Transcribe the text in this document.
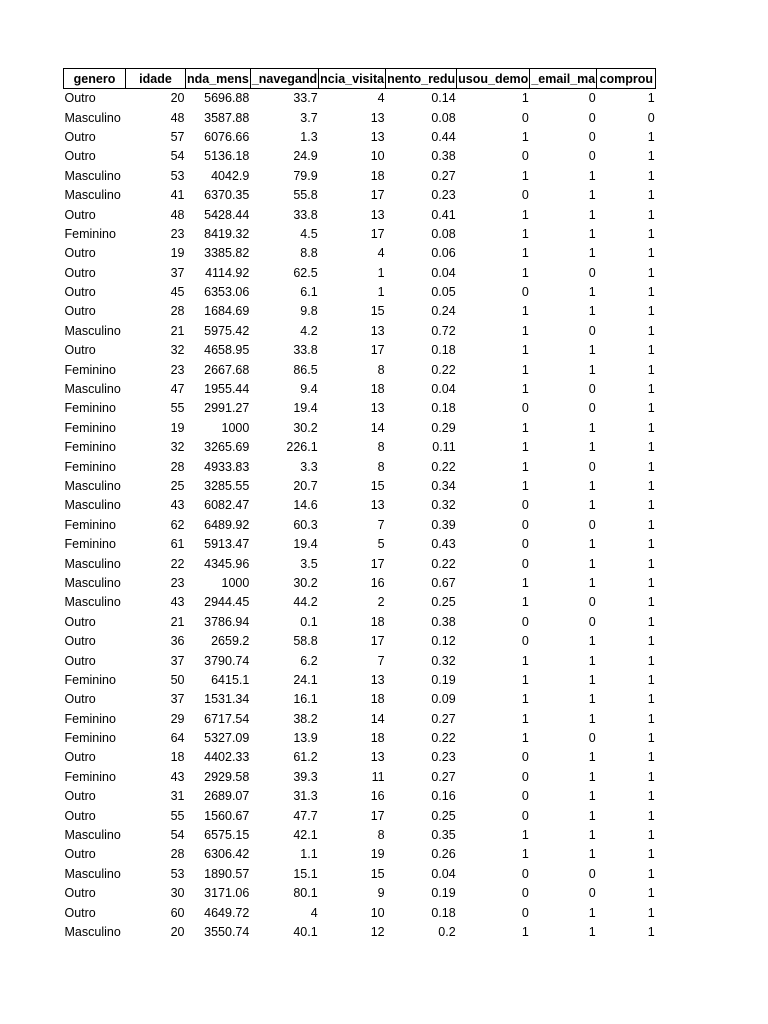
genero	idade	nda_mens	_navegand	ncia_visita	nento_redu	usou_demo	_email_ma	comprou
Outro	20	5696.88	33.7	4	0.14	1	0	1
Masculino	48	3587.88	3.7	13	0.08	0	0	0
Outro	57	6076.66	1.3	13	0.44	1	0	1
Outro	54	5136.18	24.9	10	0.38	0	0	1
Masculino	53	4042.9	79.9	18	0.27	1	1	1
Masculino	41	6370.35	55.8	17	0.23	0	1	1
Outro	48	5428.44	33.8	13	0.41	1	1	1
Feminino	23	8419.32	4.5	17	0.08	1	1	1
Outro	19	3385.82	8.8	4	0.06	1	1	1
Outro	37	4114.92	62.5	1	0.04	1	0	1
Outro	45	6353.06	6.1	1	0.05	0	1	1
Outro	28	1684.69	9.8	15	0.24	1	1	1
Masculino	21	5975.42	4.2	13	0.72	1	0	1
Outro	32	4658.95	33.8	17	0.18	1	1	1
Feminino	23	2667.68	86.5	8	0.22	1	1	1
Masculino	47	1955.44	9.4	18	0.04	1	0	1
Feminino	55	2991.27	19.4	13	0.18	0	0	1
Feminino	19	1000	30.2	14	0.29	1	1	1
Feminino	32	3265.69	226.1	8	0.11	1	1	1
Feminino	28	4933.83	3.3	8	0.22	1	0	1
Masculino	25	3285.55	20.7	15	0.34	1	1	1
Masculino	43	6082.47	14.6	13	0.32	0	1	1
Feminino	62	6489.92	60.3	7	0.39	0	0	1
Feminino	61	5913.47	19.4	5	0.43	0	1	1
Masculino	22	4345.96	3.5	17	0.22	0	1	1
Masculino	23	1000	30.2	16	0.67	1	1	1
Masculino	43	2944.45	44.2	2	0.25	1	0	1
Outro	21	3786.94	0.1	18	0.38	0	0	1
Outro	36	2659.2	58.8	17	0.12	0	1	1
Outro	37	3790.74	6.2	7	0.32	1	1	1
Feminino	50	6415.1	24.1	13	0.19	1	1	1
Outro	37	1531.34	16.1	18	0.09	1	1	1
Feminino	29	6717.54	38.2	14	0.27	1	1	1
Feminino	64	5327.09	13.9	18	0.22	1	0	1
Outro	18	4402.33	61.2	13	0.23	0	1	1
Feminino	43	2929.58	39.3	11	0.27	0	1	1
Outro	31	2689.07	31.3	16	0.16	0	1	1
Outro	55	1560.67	47.7	17	0.25	0	1	1
Masculino	54	6575.15	42.1	8	0.35	1	1	1
Outro	28	6306.42	1.1	19	0.26	1	1	1
Masculino	53	1890.57	15.1	15	0.04	0	0	1
Outro	30	3171.06	80.1	9	0.19	0	0	1
Outro	60	4649.72	4	10	0.18	0	1	1
Masculino	20	3550.74	40.1	12	0.2	1	1	1
